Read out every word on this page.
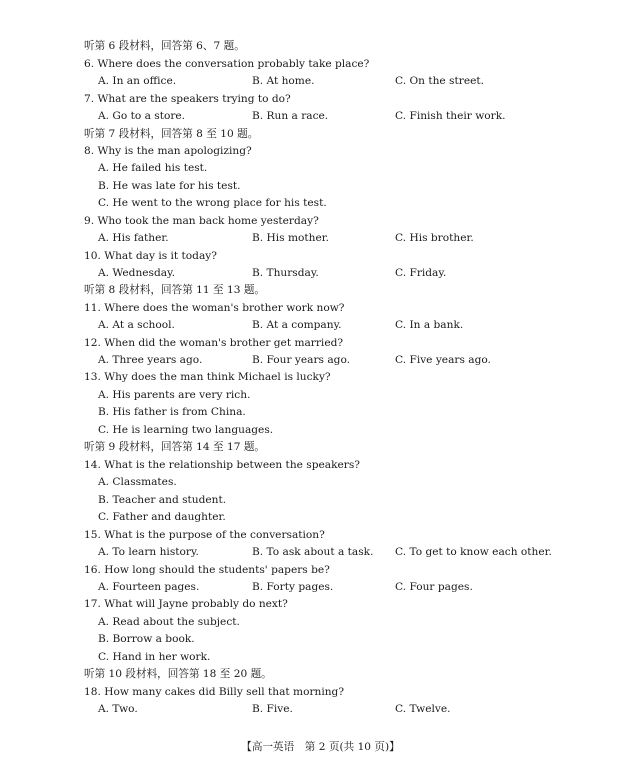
听第 6 段材料，回答第 6、7 题。
6. Where does the conversation probably take place?
A. In an office.	B. At home.	C. On the street.
7. What are the speakers trying to do?
A. Go to a store.	B. Run a race.	C. Finish their work.
听第 7 段材料，回答第 8 至 10 题。
8. Why is the man apologizing?
A. He failed his test.
B. He was late for his test.
C. He went to the wrong place for his test.
9. Who took the man back home yesterday?
A. His father.	B. His mother.	C. His brother.
10. What day is it today?
A. Wednesday.	B. Thursday.	C. Friday.
听第 8 段材料，回答第 11 至 13 题。
11. Where does the woman's brother work now?
A. At a school.	B. At a company.	C. In a bank.
12. When did the woman's brother get married?
A. Three years ago.	B. Four years ago.	C. Five years ago.
13. Why does the man think Michael is lucky?
A. His parents are very rich.
B. His father is from China.
C. He is learning two languages.
听第 9 段材料，回答第 14 至 17 题。
14. What is the relationship between the speakers?
A. Classmates.
B. Teacher and student.
C. Father and daughter.
15. What is the purpose of the conversation?
A. To learn history.	B. To ask about a task. C. To get to know each other.
16. How long should the students' papers be?
A. Fourteen pages.	B. Forty pages.	C. Four pages.
17. What will Jayne probably do next?
A. Read about the subject.
B. Borrow a book.
C. Hand in her work.
听第 10 段材料，回答第 18 至 20 题。
18. How many cakes did Billy sell that morning?
A. Two.	B. Five.	C. Twelve.
【高一英语　第 2 页(共 10 页)】
